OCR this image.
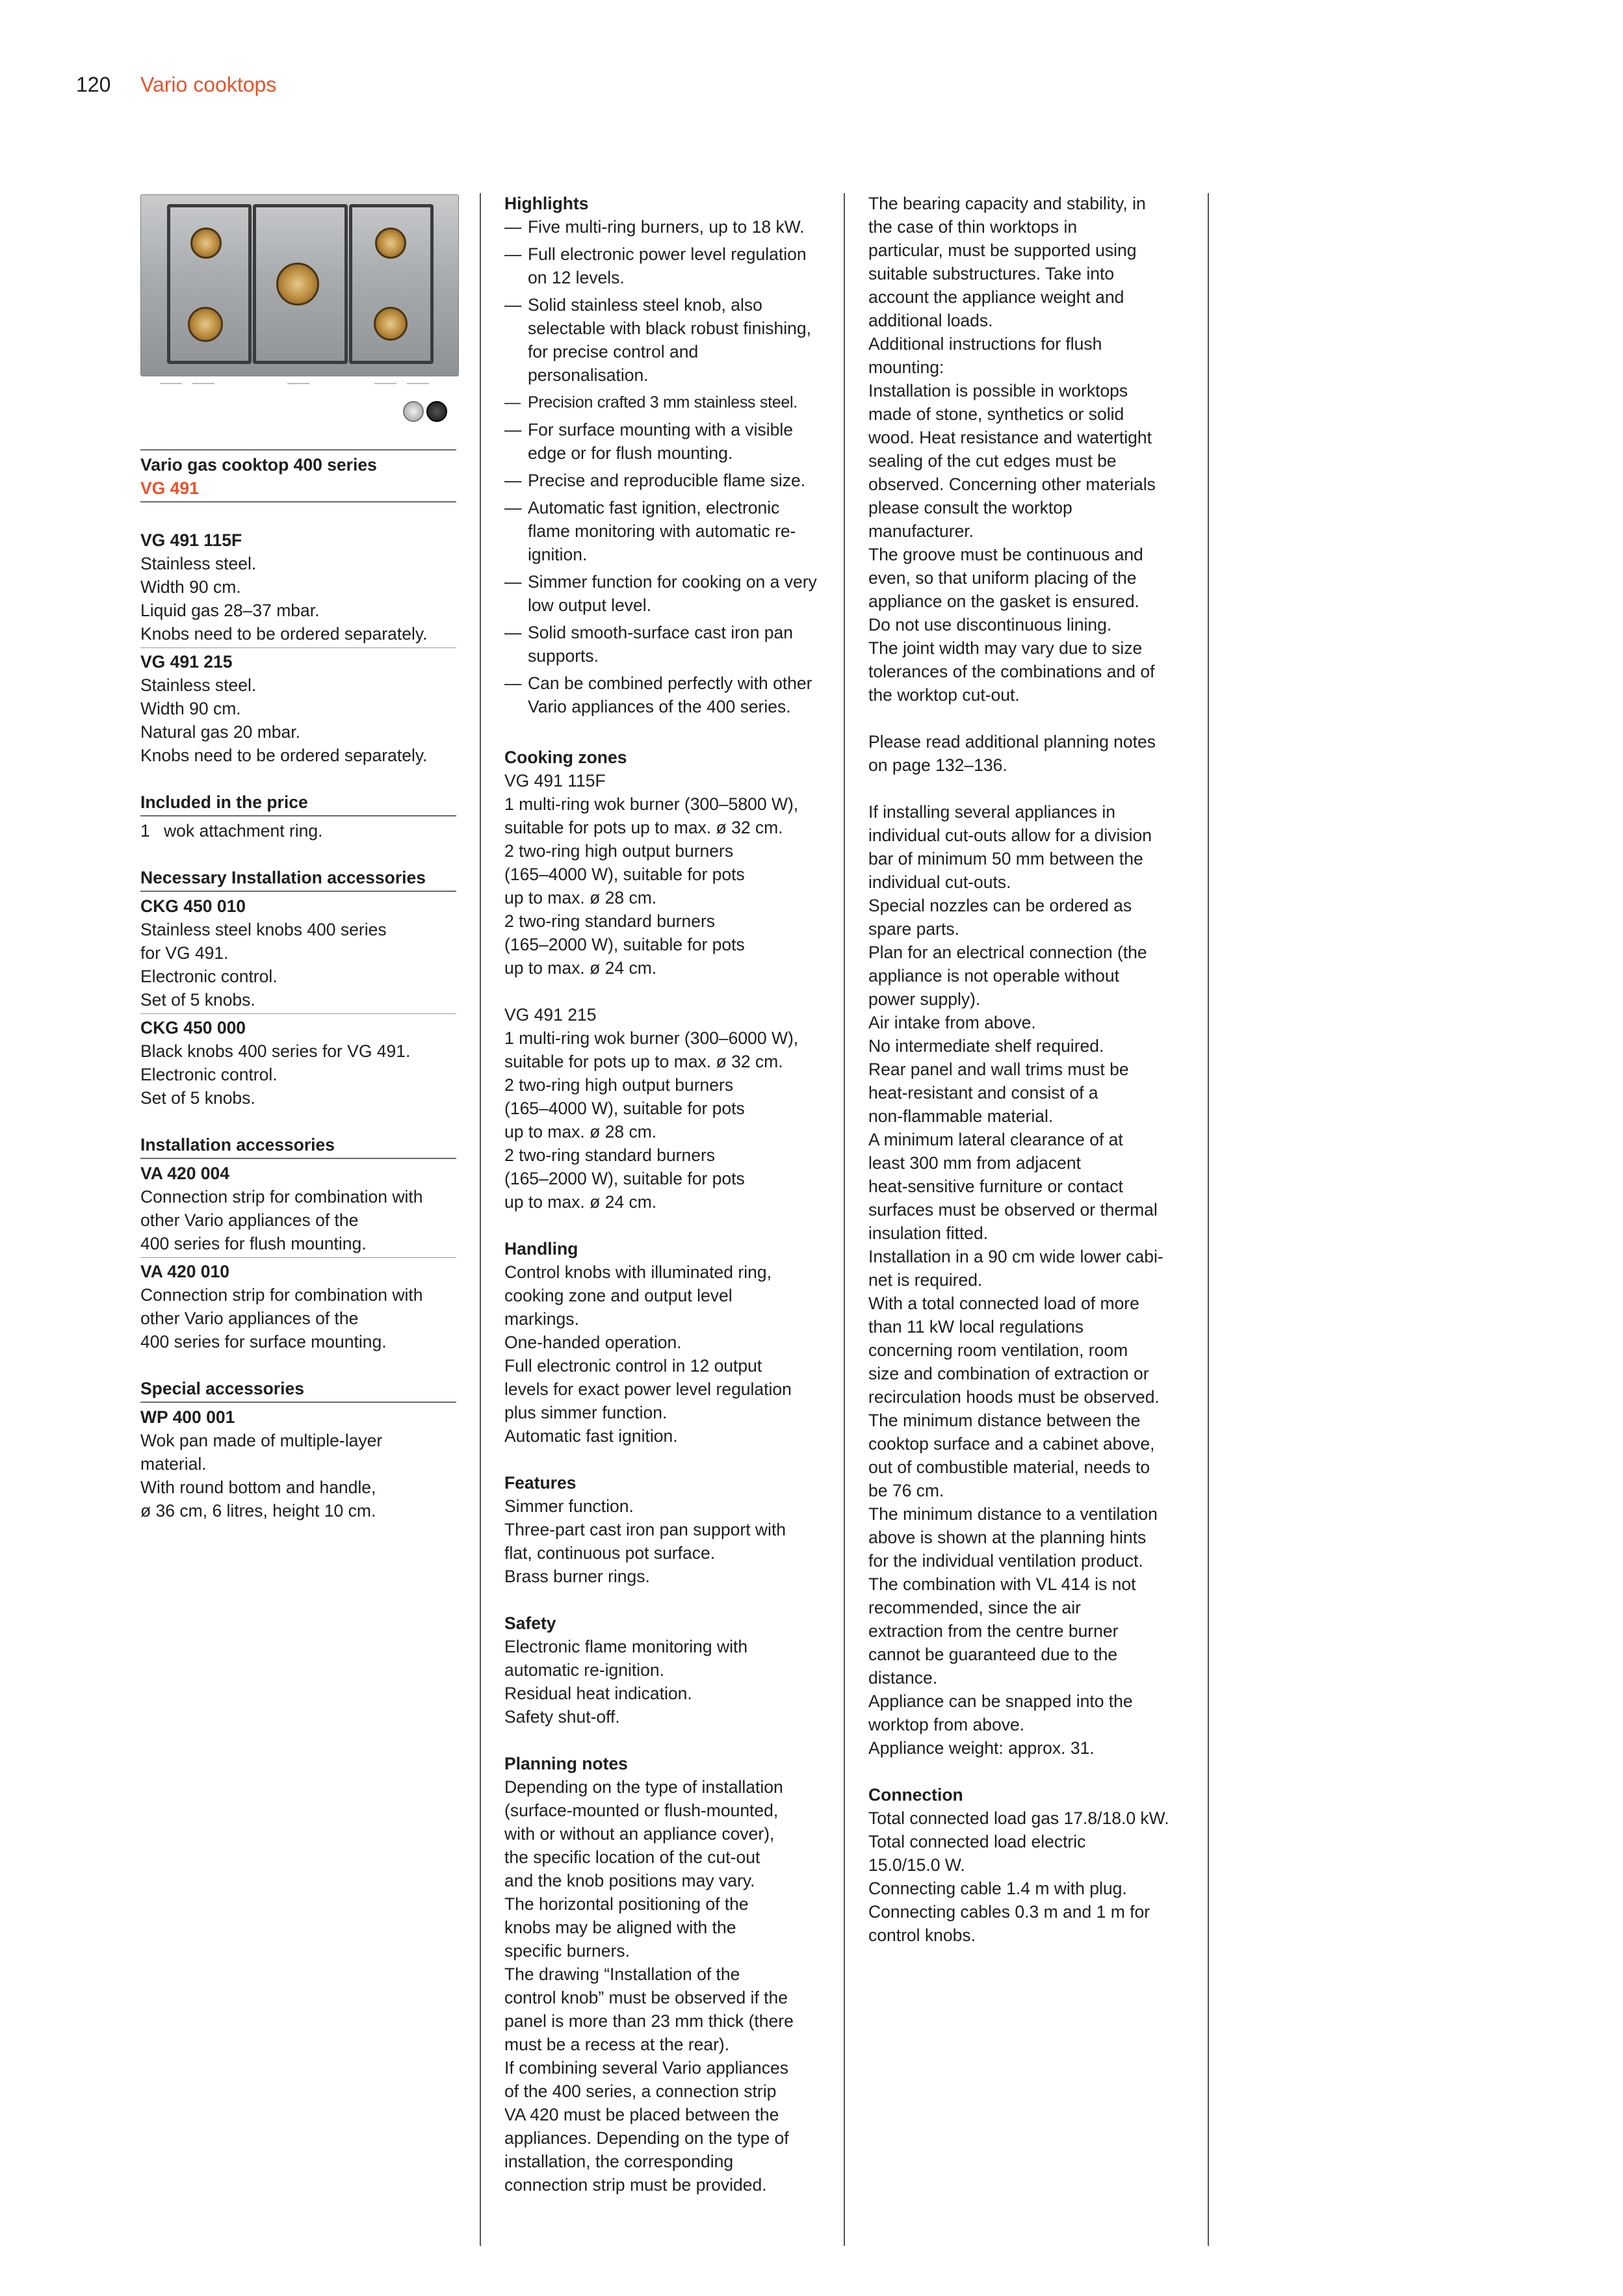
120 Vario cooktops

Vario gas cooktop 400 series

VG 491

VG 491 115F

Stainless steel.

Width 90 cm.

Liquid gas 28–37 mbar.

Knobs need to be ordered separately.

VG 491 215

Stainless steel.

Width 90 cm.

Natural gas 20 mbar.

Knobs need to be ordered separately.

Included in the price

1 wok attachment ring.

Necessary Installation accessories

CKG 450 010

Stainless steel knobs 400 series

for VG 491.

Electronic control.

Set of 5 knobs.

CKG 450 000

Black knobs 400 series for VG 491.

Electronic control.

Set of 5 knobs.

Installation accessories

VA 420 004

Connection strip for combination with

other Vario appliances of the

400 series for flush mounting.

VA 420 010

Connection strip for combination with

other Vario appliances of the

400 series for surface mounting.

Special accessories

WP 400 001

Wok pan made of multiple-layer

material.

With round bottom and handle,

ø 36 cm, 6 litres, height 10 cm.

Highlights

— Five multi-ring burners, up to 18 kW.
— Full electronic power level regulation on 12 levels.
— Solid stainless steel knob, also selectable with black robust finishing, for precise control and personalisation.
— Precision crafted 3 mm stainless steel.
— For surface mounting with a visible edge or for flush mounting.
— Precise and reproducible flame size.
— Automatic fast ignition, electronic flame monitoring with automatic re-ignition.
— Simmer function for cooking on a very low output level.
— Solid smooth-surface cast iron pan supports.
— Can be combined perfectly with other Vario appliances of the 400 series.

Cooking zones

VG 491 115F

1 multi-ring wok burner (300–5800 W),

suitable for pots up to max. ø 32 cm.

2 two-ring high output burners

(165–4000 W), suitable for pots

up to max. ø 28 cm.

2 two-ring standard burners

(165–2000 W), suitable for pots

up to max. ø 24 cm.

VG 491 215

1 multi-ring wok burner (300–6000 W),

suitable for pots up to max. ø 32 cm.

2 two-ring high output burners

(165–4000 W), suitable for pots

up to max. ø 28 cm.

2 two-ring standard burners

(165–2000 W), suitable for pots

up to max. ø 24 cm.

Handling

Control knobs with illuminated ring,

cooking zone and output level

markings.

One-handed operation.

Full electronic control in 12 output

levels for exact power level regulation

plus simmer function.

Automatic fast ignition.

Features

Simmer function.

Three-part cast iron pan support with

flat, continuous pot surface.

Brass burner rings.

Safety

Electronic flame monitoring with

automatic re-ignition.

Residual heat indication.

Safety shut-off.

Planning notes

Depending on the type of installation

(surface-mounted or flush-mounted,

with or without an appliance cover),

the specific location of the cut-out

and the knob positions may vary.

The horizontal positioning of the

knobs may be aligned with the

specific burners.

The drawing “Installation of the

control knob” must be observed if the

panel is more than 23 mm thick (there

must be a recess at the rear).

If combining several Vario appliances

of the 400 series, a connection strip

VA 420 must be placed between the

appliances. Depending on the type of

installation, the corresponding

connection strip must be provided.

The bearing capacity and stability, in

the case of thin worktops in

particular, must be supported using

suitable substructures. Take into

account the appliance weight and

additional loads.

Additional instructions for flush

mounting:

Installation is possible in worktops

made of stone, synthetics or solid

wood. Heat resistance and watertight

sealing of the cut edges must be

observed. Concerning other materials

please consult the worktop

manufacturer.

The groove must be continuous and

even, so that uniform placing of the

appliance on the gasket is ensured.

Do not use discontinuous lining.

The joint width may vary due to size

tolerances of the combinations and of

the worktop cut-out.

Please read additional planning notes

on page 132–136.

If installing several appliances in

individual cut-outs allow for a division

bar of minimum 50 mm between the

individual cut-outs.

Special nozzles can be ordered as

spare parts.

Plan for an electrical connection (the

appliance is not operable without

power supply).

Air intake from above.

No intermediate shelf required.

Rear panel and wall trims must be

heat-resistant and consist of a

non-flammable material.

A minimum lateral clearance of at

least 300 mm from adjacent

heat-sensitive furniture or contact

surfaces must be observed or thermal

insulation fitted.

Installation in a 90 cm wide lower cabi-

net is required.

With a total connected load of more

than 11 kW local regulations

concerning room ventilation, room

size and combination of extraction or

recirculation hoods must be observed.

The minimum distance between the

cooktop surface and a cabinet above,

out of combustible material, needs to

be 76 cm.

The minimum distance to a ventilation

above is shown at the planning hints

for the individual ventilation product.

The combination with VL 414 is not

recommended, since the air

extraction from the centre burner

cannot be guaranteed due to the

distance.

Appliance can be snapped into the

worktop from above.

Appliance weight: approx. 31.

Connection

Total connected load gas 17.8/18.0 kW.

Total connected load electric

15.0/15.0 W.

Connecting cable 1.4 m with plug.

Connecting cables 0.3 m and 1 m for

control knobs.
